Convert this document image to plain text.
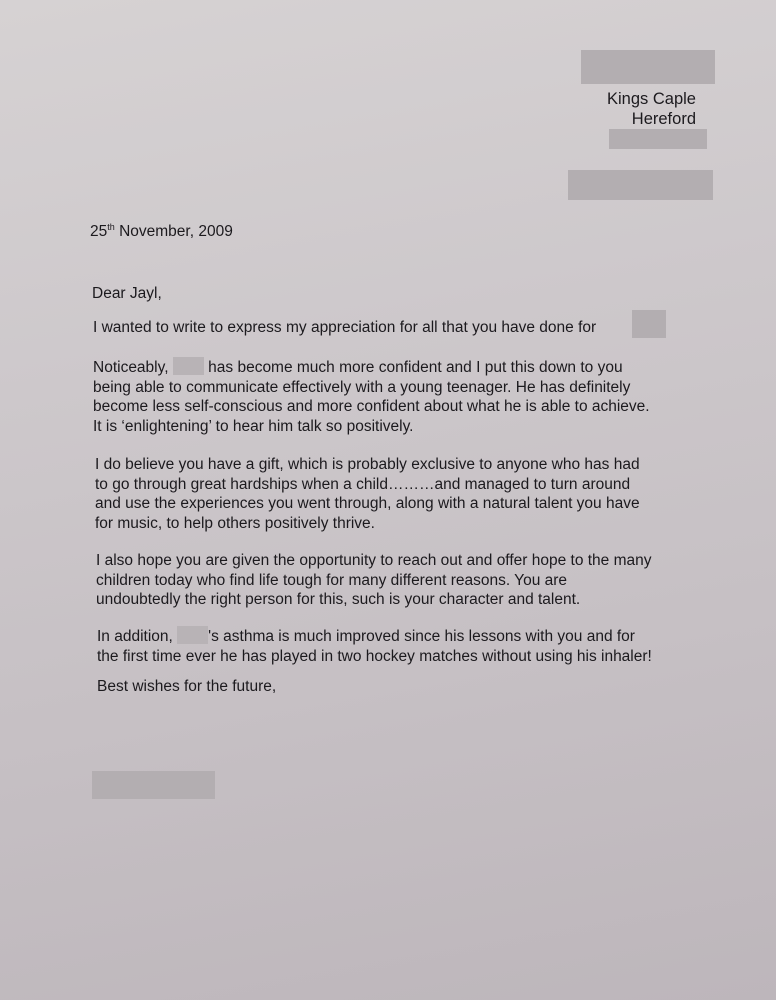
Kings Caple
Hereford
25th November, 2009
Dear Jayl,
I wanted to write to express my appreciation for all that you have done for
Noticeably,  has become much more confident and I put this down to you
being able to communicate effectively with a young teenager. He has definitely
become less self-conscious and more confident about what he is able to achieve.
It is ‘enlightening’ to hear him talk so positively.
I do believe you have a gift, which is probably exclusive to anyone who has had
to go through great hardships when a child………and managed to turn around
and use the experiences you went through, along with a natural talent you have
for music, to help others positively thrive.
I also hope you are given the opportunity to reach out and offer hope to the many
children today who find life tough for many different reasons. You are
undoubtedly the right person for this, such is your character and talent.
In addition, 's asthma is much improved since his lessons with you and for
the first time ever he has played in two hockey matches without using his inhaler!
Best wishes for the future,
